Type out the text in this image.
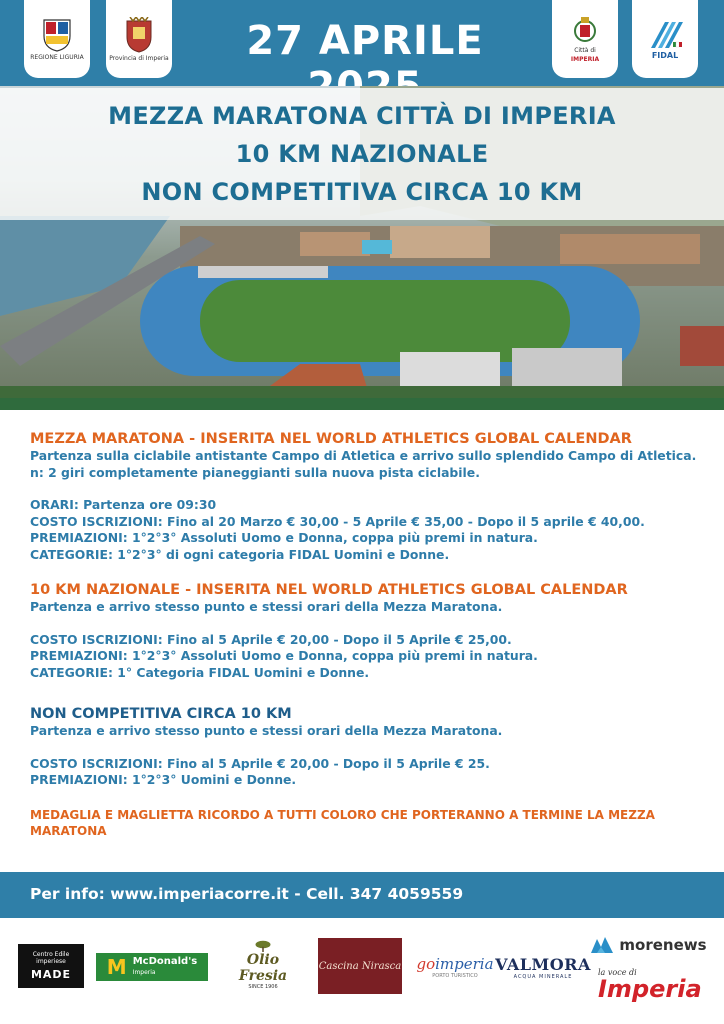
REGIONE LIGURIA	Provincia di Imperia	27 APRILE	Città di
IMPERIA	FIDAL
MEZZA MARATONA CITTÀ DI IMPERIA
10 KM NAZIONALE
NON COMPETITIVA CIRCA 10 KM
MEZZA MARATONA - INSERITA NEL WORLD ATHLETICS GLOBAL CALENDAR
Partenza sulla ciclabile antistante Campo di Atletica e arrivo sullo splendido Campo di Atletica.
n: 2 giri completamente pianeggianti sulla nuova pista ciclabile.
ORARI: Partenza ore 09:30
COSTO ISCRIZIONI: Fino al 20 Marzo € 30,00 - 5 Aprile € 35,00 - Dopo il 5 aprile € 40,00.
PREMIAZIONI: 1°2°3° Assoluti Uomo e Donna, coppa più premi in natura.
CATEGORIE: 1°2°3° di ogni categoria FIDAL Uomini e Donne.
10 KM NAZIONALE - INSERITA NEL WORLD ATHLETICS GLOBAL CALENDAR
Partenza e arrivo stesso punto e stessi orari della Mezza Maratona.
COSTO ISCRIZIONI: Fino al 5 Aprile € 20,00 - Dopo il 5 Aprile € 25,00.
PREMIAZIONI: 1°2°3° Assoluti Uomo e Donna, coppa più premi in natura.
CATEGORIE: 1° Categoria FIDAL Uomini e Donne.
NON COMPETITIVA CIRCA 10 KM
Partenza e arrivo stesso punto e stessi orari della Mezza Maratona.
COSTO ISCRIZIONI: Fino al 5 Aprile € 20,00 - Dopo il 5 Aprile € 25.
PREMIAZIONI: 1°2°3° Uomini e Donne.
MEDAGLIA E MAGLIETTA RICORDO A TUTTI COLORO CHE PORTERANNO A TERMINE LA MEZZA MARATONA
Per info: www.imperiacorre.it - Cell. 347 4059559
Centro Edile
imperiese
MADE M McDonald's
Imperia
Olio Fresia
SINCE 1906
Cascina Nirasca goimperia
PORTO TURISTICO
VALMORA
ACQUA MINERALE
morenews
la voce di
Imperia
